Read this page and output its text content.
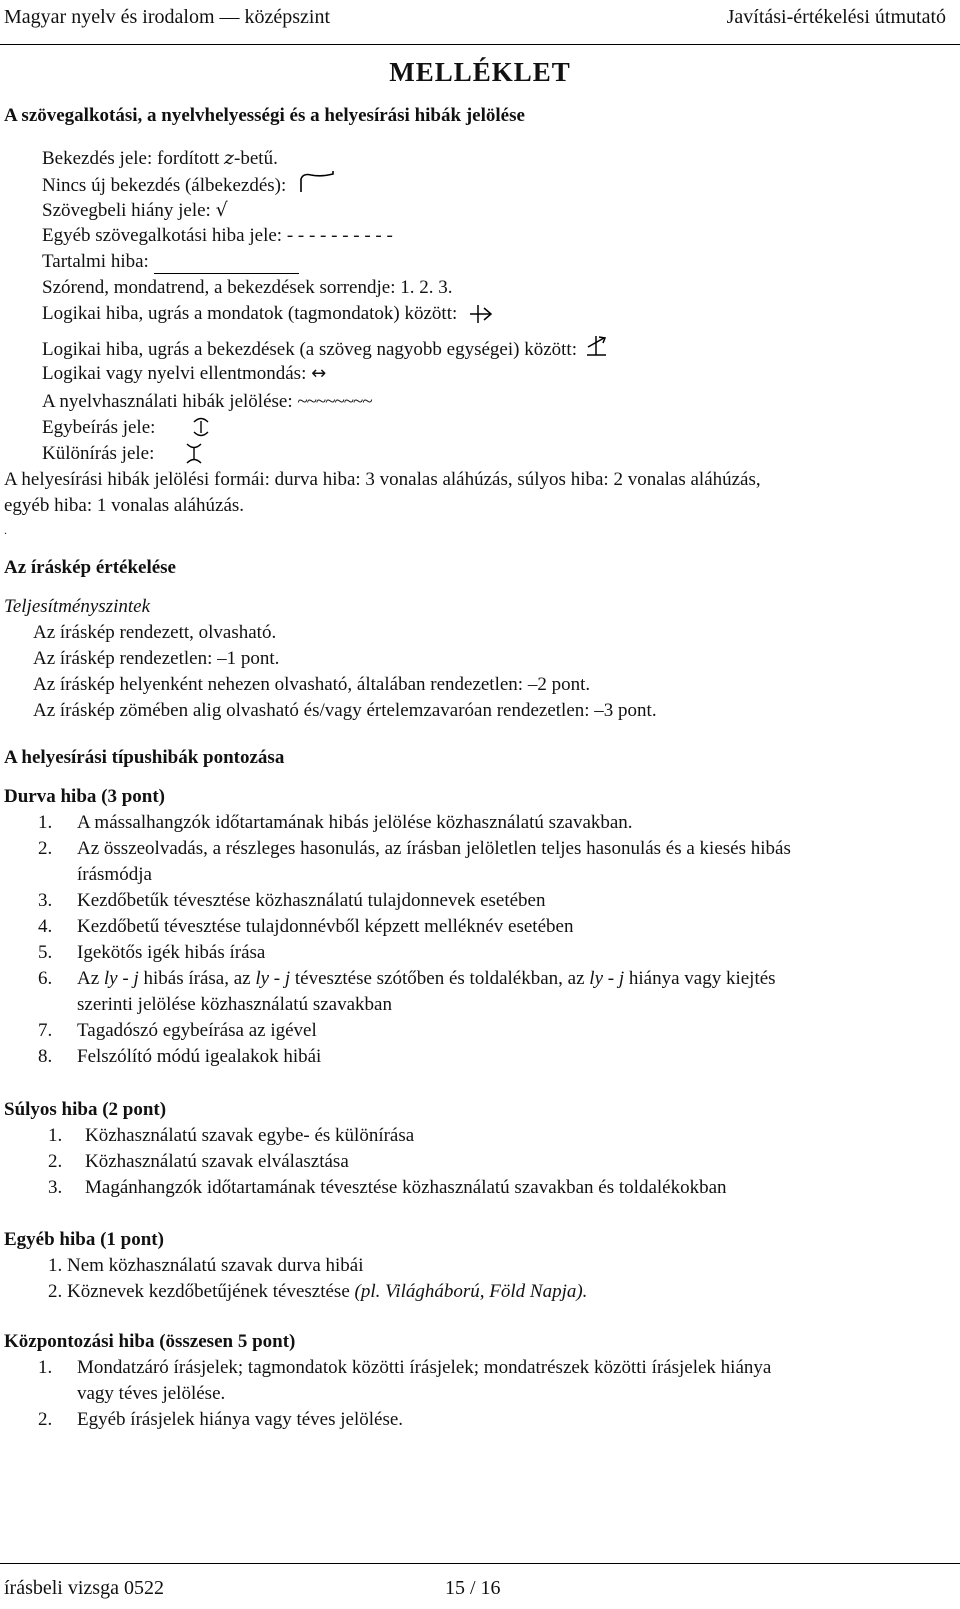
Magyar nyelv és irodalom — középszint	Javítási-értékelési útmutató
MELLÉKLET
A szövegalkotási, a nyelvhelyességi és a helyesírási hibák jelölése
Bekezdés jele: fordított z-betű.
Nincs új bekezdés (álbekezdés):
Szövegbeli hiány jele: √
Egyéb szövegalkotási hiba jele: - - - - - - - - - -
Tartalmi hiba:
Szórend, mondatrend, a bekezdések sorrendje: 1. 2. 3.
Logikai hiba, ugrás a mondatok (tagmondatok) között:
Logikai hiba, ugrás a bekezdések (a szöveg nagyobb egységei) között:
Logikai vagy nyelvi ellentmondás: ↔
A nyelvhasználati hibák jelölése: ~~~~~~~~
Egybeírás jele:
Különírás jele:
A helyesírási hibák jelölési formái: durva hiba: 3 vonalas aláhúzás, súlyos hiba: 2 vonalas aláhúzás,
egyéb hiba: 1 vonalas aláhúzás.
.
Az íráskép értékelése
Teljesítményszintek
Az íráskép rendezett, olvasható.
Az íráskép rendezetlen: –1 pont.
Az íráskép helyenként nehezen olvasható, általában rendezetlen: –2 pont.
Az íráskép zömében alig olvasható és/vagy értelemzavaróan rendezetlen: –3 pont.
A helyesírási típushibák pontozása
Durva hiba (3 pont)
1. A mássalhangzók időtartamának hibás jelölése közhasználatú szavakban.
2. Az összeolvadás, a részleges hasonulás, az írásban jelöletlen teljes hasonulás és a kiesés hibás
írásmódja
3. Kezdőbetűk tévesztése közhasználatú tulajdonnevek esetében
4. Kezdőbetű tévesztése tulajdonnévből képzett melléknév esetében
5. Igekötős igék hibás írása
6. Az ly - j hibás írása, az ly - j tévesztése szótőben és toldalékban, az ly - j hiánya vagy kiejtés
szerinti jelölése közhasználatú szavakban
7. Tagadószó egybeírása az igével
8. Felszólító módú igealakok hibái
Súlyos hiba (2 pont)
1. Közhasználatú szavak egybe- és különírása
2. Közhasználatú szavak elválasztása
3. Magánhangzók időtartamának tévesztése közhasználatú szavakban és toldalékokban
Egyéb hiba (1 pont)
1. Nem közhasználatú szavak durva hibái
2. Köznevek kezdőbetűjének tévesztése (pl. Világháború, Föld Napja).
Központozási hiba (összesen 5 pont)
1. Mondatzáró írásjelek; tagmondatok közötti írásjelek; mondatrészek közötti írásjelek hiánya
vagy téves jelölése.
2. Egyéb írásjelek hiánya vagy téves jelölése.
írásbeli vizsga 0522	15 / 16
